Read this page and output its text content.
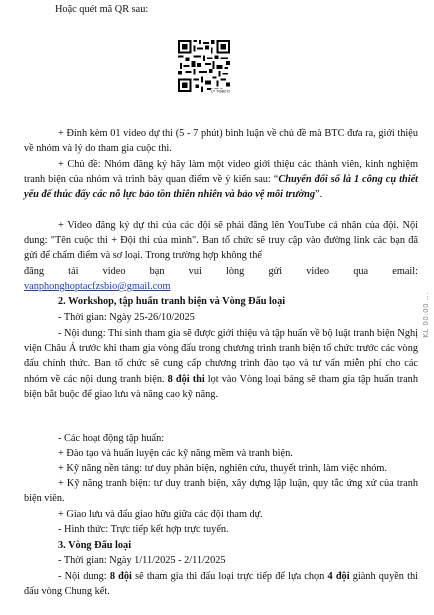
Hoặc quét mã QR sau:
LT TGBCO
+ Đính kèm 01 video dự thi (5 - 7 phút) bình luận về chủ đề mà BTC đưa ra, giới thiệu về nhóm và lý do tham gia cuộc thi.
+ Chủ đề: Nhóm đăng ký hãy làm một video giới thiệu các thành viên, kinh nghiệm tranh biện của nhóm và trình bày quan điểm về ý kiến sau: “Chuyển đổi số là 1 công cụ thiết yếu để thúc đẩy các nỗ lực bảo tồn thiên nhiên và bảo vệ môi trường”.
+ Video đăng ký dự thi của các đội sẽ phải đăng lên YouTube cá nhân của đội. Nội dung: "Tên cuộc thi + Đội thi của mình". Ban tổ chức sẽ truy cập vào đường link các bạn đã gửi để chấm điểm và sơ loại. Trong trường hợp không thể
đăng tải video bạn vui lòng gửi video qua email:
vanphonghoptacfzsbio@gmail.com
2. Workshop, tập huấn tranh biện và Vòng Đấu loại
- Thời gian: Ngày 25-26/10/2025
- Nội dung: Thí sinh tham gia sẽ được giới thiệu và tập huấn về bộ luật tranh biện Nghị viện Châu Á trước khi tham gia vòng đấu trong chương trình tranh biện tổ chức trước các vòng đấu chính thức. Ban tổ chức sẽ cung cấp chương trình đào tạo và tư vấn miễn phí cho các nhóm về các nội dung tranh biện. 8 đội thi lọt vào Vòng loại bảng sẽ tham gia tập huấn tranh biện bắt buộc để giao lưu và nâng cao kỹ năng.
- Các hoạt động tập huấn:
+ Đào tạo và huấn luyện các kỹ năng mềm và tranh biện.
+ Kỹ năng nền tảng: tư duy phản biện, nghiên cứu, thuyết trình, làm việc nhóm.
+ Kỹ năng tranh biện: tư duy tranh biện, xây dựng lập luận, quy tắc ứng xử của tranh biện viên.
+ Giao lưu và đấu giao hữu giữa các đội tham dự.
- Hình thức: Trực tiếp kết hợp trực tuyến.
3. Vòng Đấu loại
- Thời gian: Ngày 1/11/2025 - 2/11/2025
- Nội dung: 8 đội sẽ tham gia thi đấu loại trực tiếp để lựa chọn 4 đội giành quyền thi đấu vòng Chung kết.
KL 00:00 ...
